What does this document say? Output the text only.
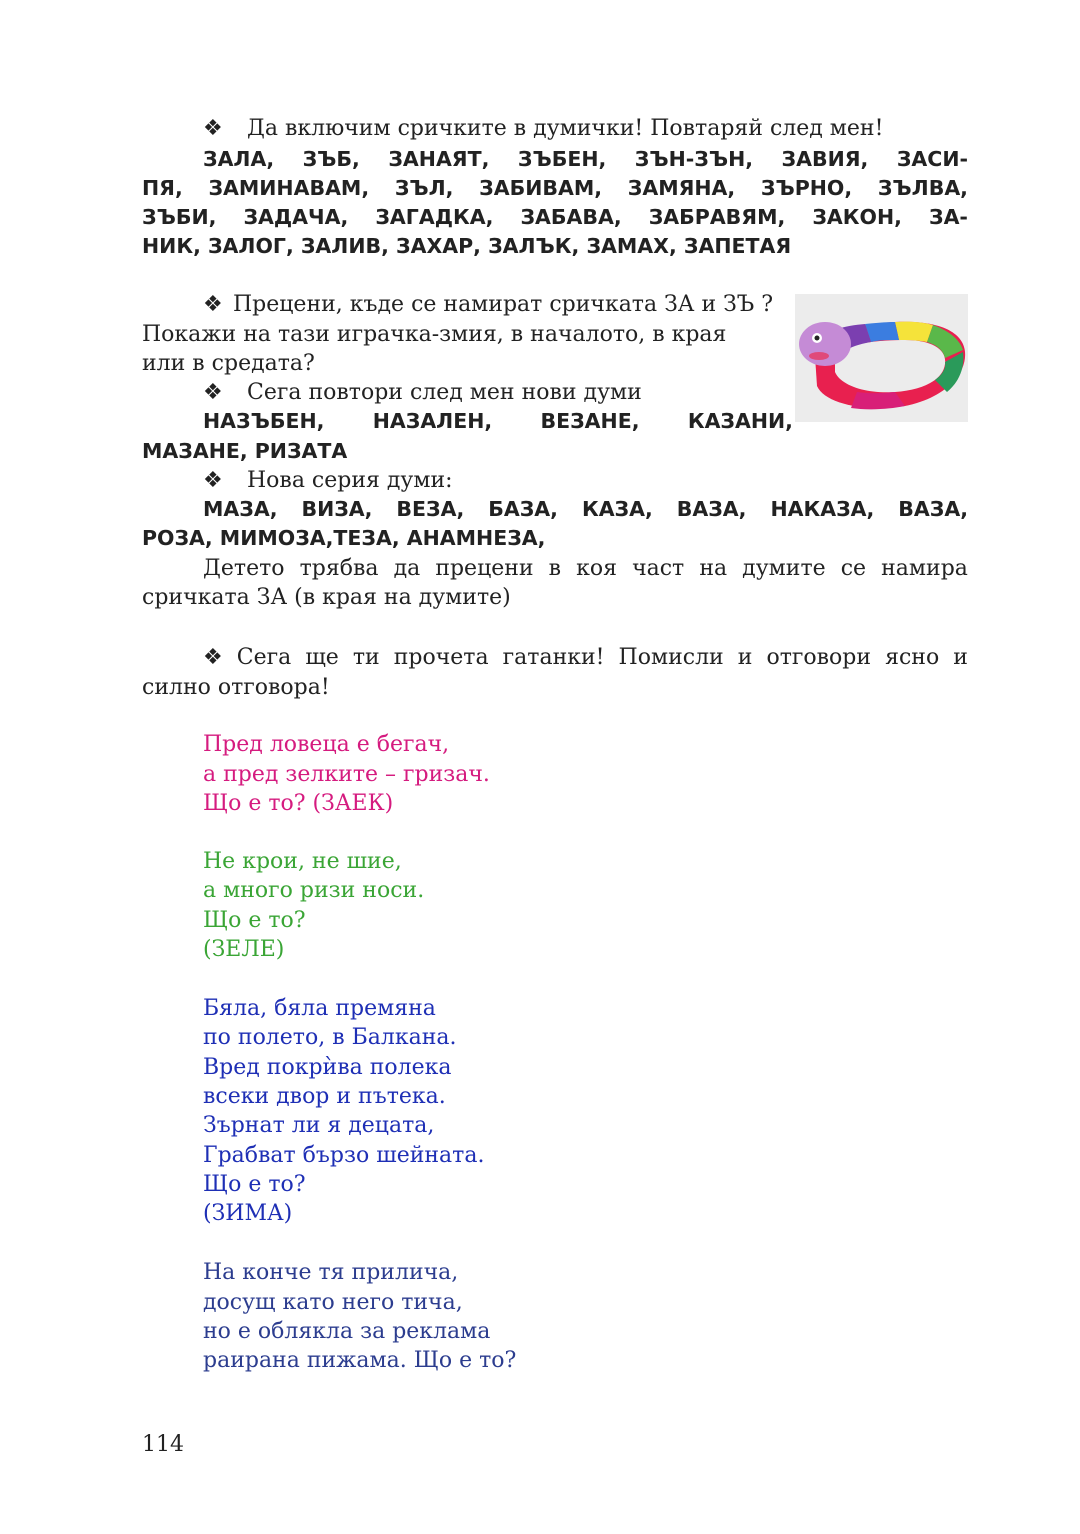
❖ Да включим сричките в думички! Повтаряй след мен!
ЗАЛА, ЗЪБ, ЗАНАЯТ, ЗЪБЕН, ЗЪН-ЗЪН, ЗАВИЯ, ЗАСИ-
ПЯ, ЗАМИНАВАМ, ЗЪЛ, ЗАБИВАМ, ЗАМЯНА, ЗЪРНО, ЗЪЛВА,
ЗЪБИ, ЗАДАЧА, ЗАГАДКА, ЗАБАВА, ЗАБРАВЯМ, ЗАКОН, ЗА-
НИК, ЗАЛОГ, ЗАЛИВ, ЗАХАР, ЗАЛЪК, ЗАМАХ, ЗАПЕТАЯ
❖ Прецени, къде се намират сричката ЗА и ЗЪ ?
Покажи на тази играчка-змия, в началото, в края
или в средата?
❖ Сега повтори след мен нови думи
НАЗЪБЕН, НАЗАЛЕН, ВЕЗАНЕ, КАЗАНИ,
МАЗАНЕ, РИЗАТА
❖ Нова серия думи:
МАЗА, ВИЗА, ВЕЗА, БАЗА, КАЗА, ВАЗА, НАКАЗА, ВАЗА,
РОЗА, МИМОЗА,ТЕЗА, АНАМНЕЗА,
Детето трябва да прецени в коя част на думите се намира
сричката ЗА (в края на думите)
❖ Сега ще ти прочета гатанки! Помисли и отговори ясно и
силно отговора!
Пред ловеца е бегач,
а пред зелките – гризач.
Що е то? (ЗАЕК)
Не крои, не шие,
а много ризи носи.
Що е то?
(ЗЕЛЕ)
Бяла, бяла премяна
по полето, в Балкана.
Вред покрѝва полека
всеки двор и пътека.
Зърнат ли я децата,
Грабват бързо шейната.
Що е то?
(ЗИМА)
На конче тя прилича,
досущ като него тича,
но е облякла за реклама
раирана пижама. Що е то?
114
